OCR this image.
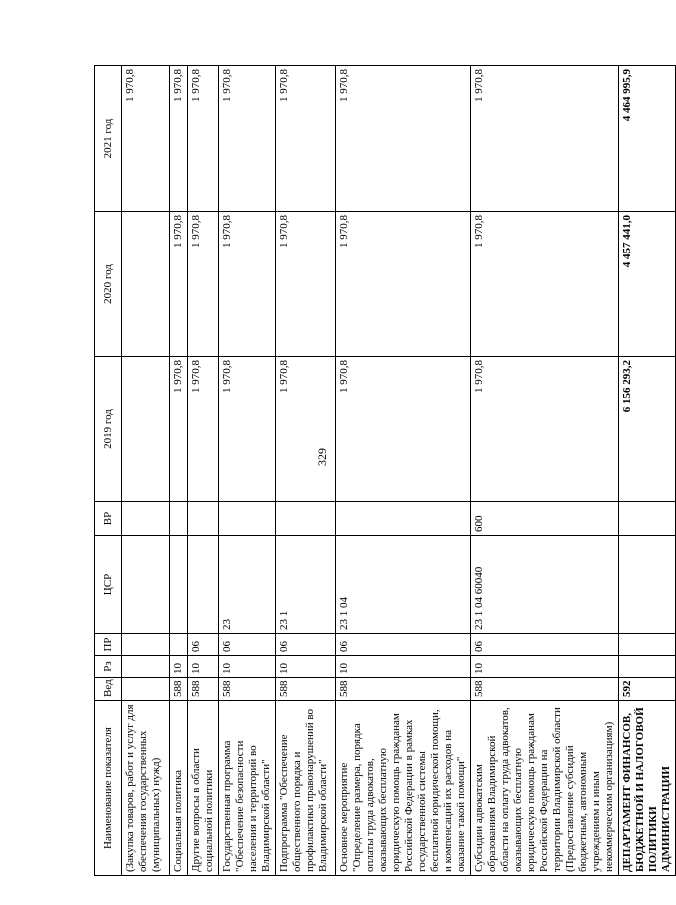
329
Наименование показателя	Вед	Рз	ПР	ЦСР	ВР	2019 год	2020 год	2021 год
(Закупка товаров, работ и услуг для обеспечения государственных (муниципальных) нужд)								1 970,8
Социальная политика	588	10				1 970,8	1 970,8	1 970,8
Другие вопросы в области социальной политики	588	10	06			1 970,8	1 970,8	1 970,8
Государственная программа "Обеспечение безопасности населения и территорий во Владимирской области"	588	10	06	23		1 970,8	1 970,8	1 970,8
Подпрограмма "Обеспечение общественного порядка и профилактики правонарушений во Владимирской области"	588	10	06	23 1		1 970,8	1 970,8	1 970,8
Основное мероприятие "Определение размера, порядка оплаты труда адвокатов, оказывающих бесплатную юридическую помощь гражданам Российской Федерации в рамках государственной системы бесплатной юридической помощи, и компенсаций их расходов на оказание такой помощи"	588	10	06	23 1 04		1 970,8	1 970,8	1 970,8
Субсидии адвокатским образованиям Владимирской области на оплату труда адвокатов, оказывающих бесплатную юридическую помощь гражданам Российской Федерации на территории Владимирской области (Предоставление субсидий бюджетным, автономным учреждениям и иным некоммерческим организациям)	588	10	06	23 1 04 60040	600	1 970,8	1 970,8	1 970,8
ДЕПАРТАМЕНТ ФИНАНСОВ, БЮДЖЕТНОЙ И НАЛОГОВОЙ ПОЛИТИКИ АДМИНИСТРАЦИИ	592					6 156 293,2	4 457 441,0	4 464 995,9
